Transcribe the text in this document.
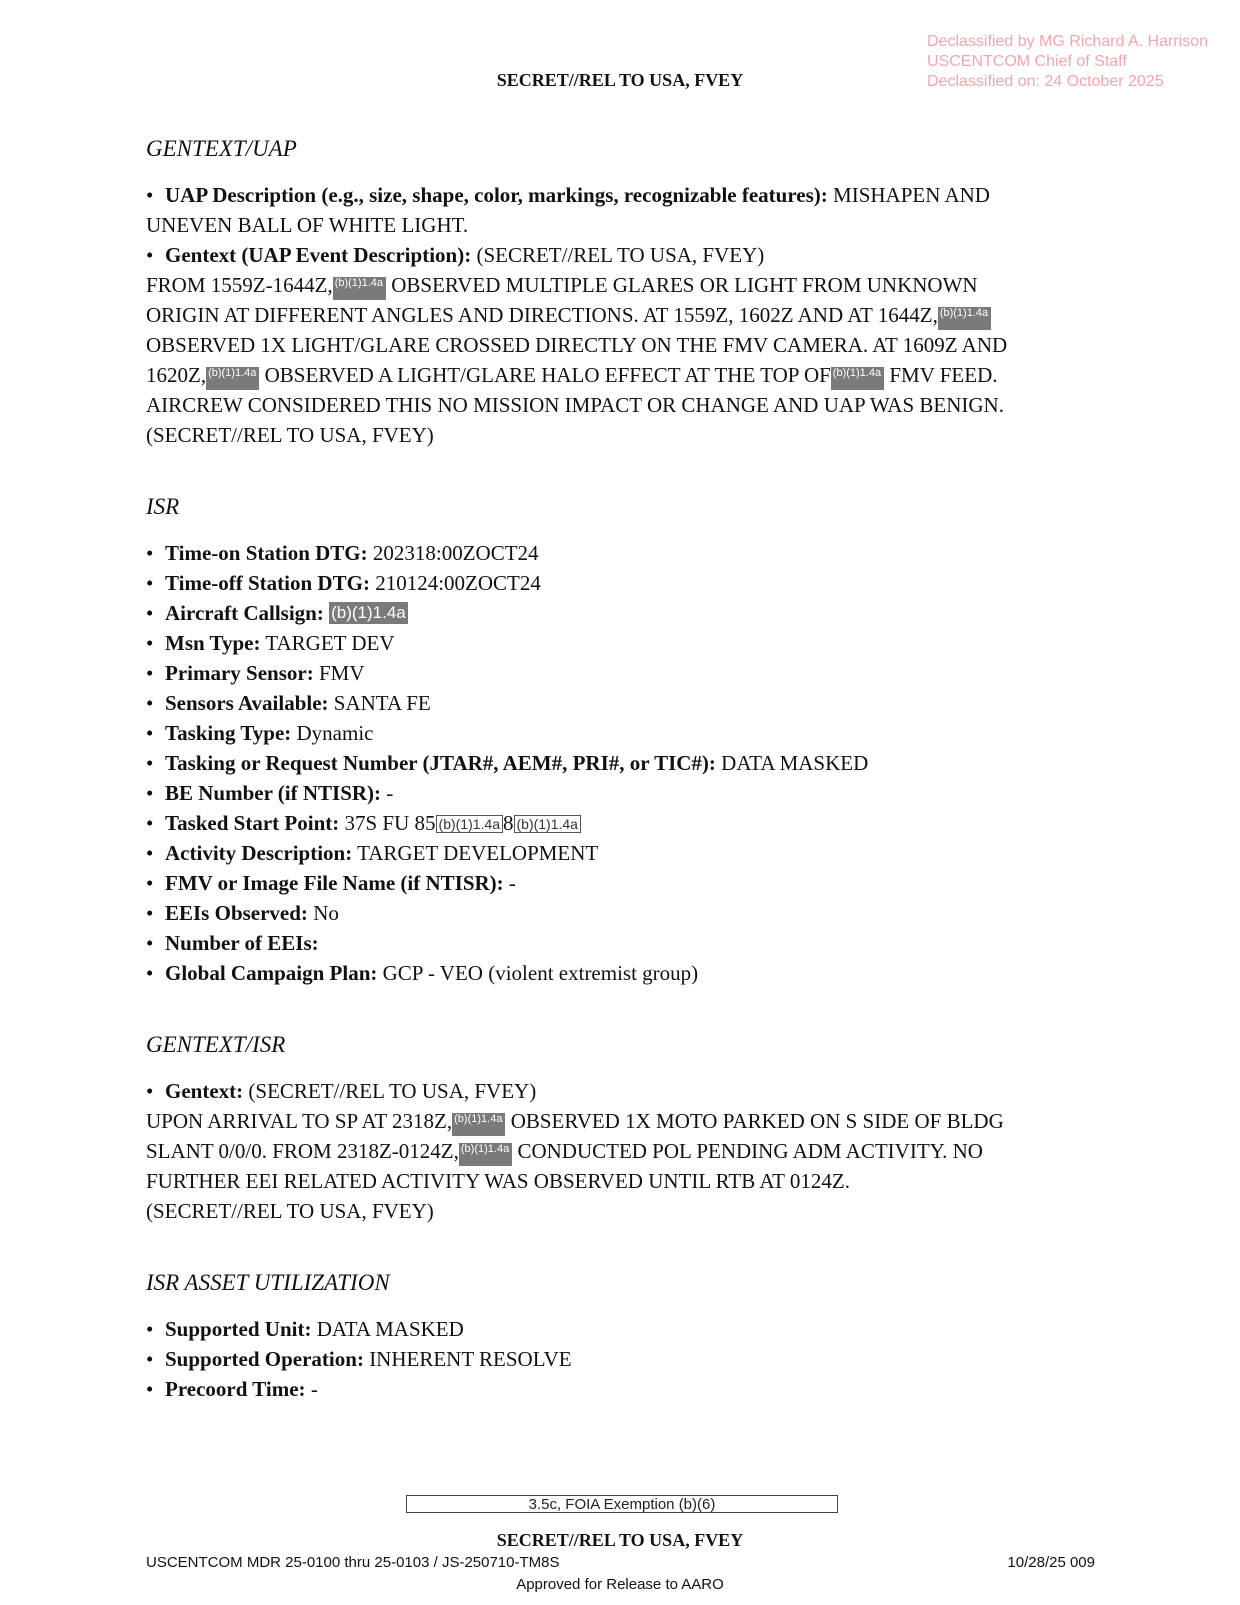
Declassified by MG Richard A. Harrison
USCENTCOM Chief of Staff
Declassified on: 24 October 2025
SECRET//REL TO USA, FVEY
GENTEXT/UAP
• UAP Description (e.g., size, shape, color, markings, recognizable features): MISHAPEN AND
UNEVEN BALL OF WHITE LIGHT.
• Gentext (UAP Event Description): (SECRET//REL TO USA, FVEY)
FROM 1559Z-1644Z, (b)(1)1.4a OBSERVED MULTIPLE GLARES OR LIGHT FROM UNKNOWN
ORIGIN AT DIFFERENT ANGLES AND DIRECTIONS. AT 1559Z, 1602Z AND AT 1644Z, (b)(1)1.4a
OBSERVED 1X LIGHT/GLARE CROSSED DIRECTLY ON THE FMV CAMERA. AT 1609Z AND
1620Z, (b)(1)1.4a OBSERVED A LIGHT/GLARE HALO EFFECT AT THE TOP OF (b)(1)1.4a FMV FEED.
AIRCREW CONSIDERED THIS NO MISSION IMPACT OR CHANGE AND UAP WAS BENIGN.
(SECRET//REL TO USA, FVEY)
ISR
• Time-on Station DTG: 202318:00ZOCT24
• Time-off Station DTG: 210124:00ZOCT24
• Aircraft Callsign: (b)(1)1.4a
• Msn Type: TARGET DEV
• Primary Sensor: FMV
• Sensors Available: SANTA FE
• Tasking Type: Dynamic
• Tasking or Request Number (JTAR#, AEM#, PRI#, or TIC#): DATA MASKED
• BE Number (if NTISR): -
• Tasked Start Point: 37S FU 85 (b)(1)1.4a 8 (b)(1)1.4a
• Activity Description: TARGET DEVELOPMENT
• FMV or Image File Name (if NTISR): -
• EEIs Observed: No
• Number of EEIs:
• Global Campaign Plan: GCP - VEO (violent extremist group)
GENTEXT/ISR
• Gentext: (SECRET//REL TO USA, FVEY)
UPON ARRIVAL TO SP AT 2318Z, (b)(1)1.4a OBSERVED 1X MOTO PARKED ON S SIDE OF BLDG
SLANT 0/0/0. FROM 2318Z-0124Z, (b)(1)1.4a CONDUCTED POL PENDING ADM ACTIVITY. NO
FURTHER EEI RELATED ACTIVITY WAS OBSERVED UNTIL RTB AT 0124Z.
(SECRET//REL TO USA, FVEY)
ISR ASSET UTILIZATION
• Supported Unit: DATA MASKED
• Supported Operation: INHERENT RESOLVE
• Precoord Time: -
3.5c, FOIA Exemption (b)(6)
SECRET//REL TO USA, FVEY
USCENTCOM MDR 25-0100 thru 25-0103 / JS-250710-TM8S	10/28/25 009
Approved for Release to AARO
